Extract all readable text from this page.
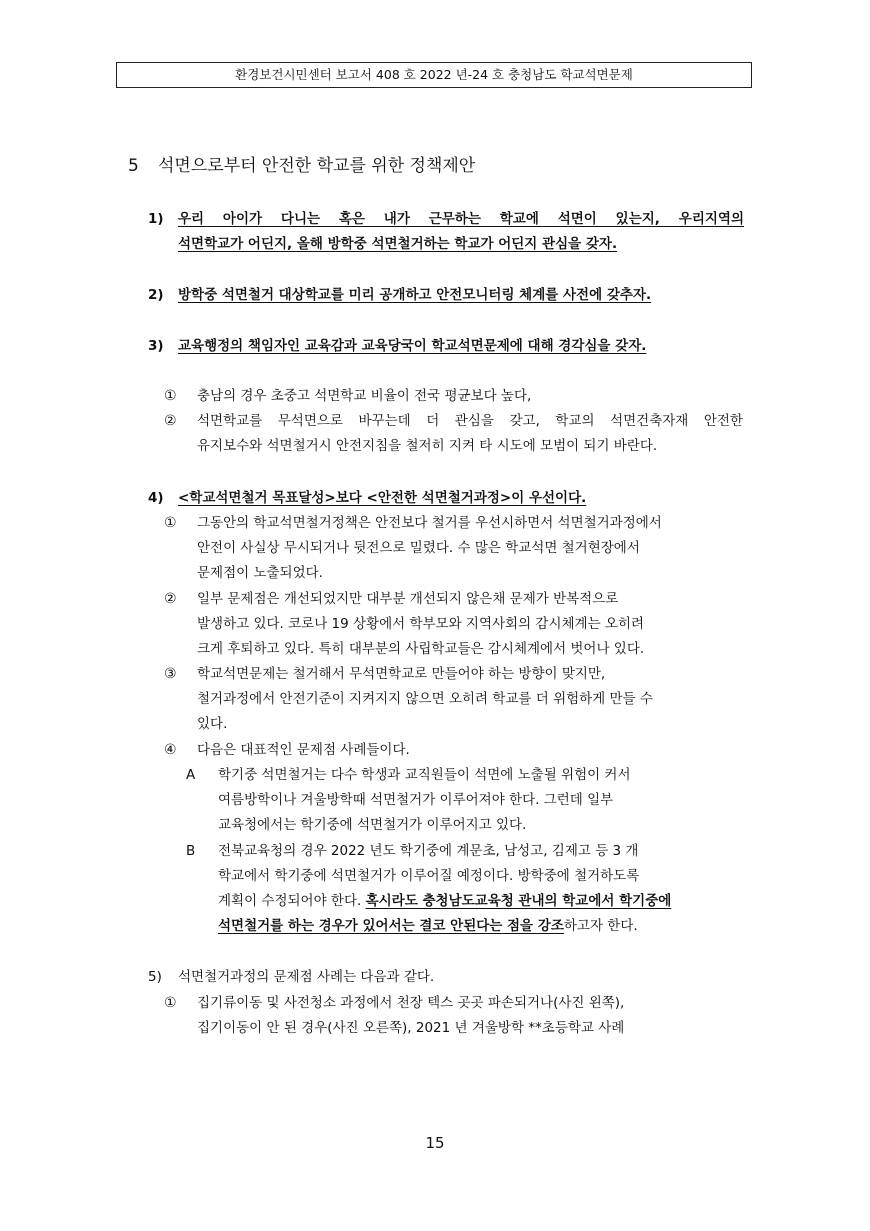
환경보건시민센터 보고서 408 호 2022 년-24 호 충청남도 학교석면문제
5 석면으로부터 안전한 학교를 위한 정책제안
1) 우리 아이가 다니는 혹은 내가 근무하는 학교에 석면이 있는지, 우리지역의
석면학교가 어딘지, 올해 방학중 석면철거하는 학교가 어딘지 관심을 갖자.
2) 방학중 석면철거 대상학교를 미리 공개하고 안전모니터링 체계를 사전에 갖추자.
3) 교육행정의 책임자인 교육감과 교육당국이 학교석면문제에 대해 경각심을 갖자.
① 충남의 경우 초중고 석면학교 비율이 전국 평균보다 높다,
② 석면학교를 무석면으로 바꾸는데 더 관심을 갖고, 학교의 석면건축자재 안전한
유지보수와 석면철거시 안전지침을 철저히 지켜 타 시도에 모범이 되기 바란다.
4) <학교석면철거 목표달성>보다 <안전한 석면철거과정>이 우선이다.
① 그동안의 학교석면철거정책은 안전보다 철거를 우선시하면서 석면철거과정에서
안전이 사실상 무시되거나 뒷전으로 밀렸다. 수 많은 학교석면 철거현장에서
문제점이 노출되었다.
② 일부 문제점은 개선되었지만 대부분 개선되지 않은채 문제가 반복적으로
발생하고 있다. 코로나 19 상황에서 학부모와 지역사회의 감시체계는 오히려
크게 후퇴하고 있다. 특히 대부분의 사립학교들은 감시체계에서 벗어나 있다.
③ 학교석면문제는 철거해서 무석면학교로 만들어야 하는 방향이 맞지만,
철거과정에서 안전기준이 지켜지지 않으면 오히려 학교를 더 위험하게 만들 수
있다.
④ 다음은 대표적인 문제점 사례들이다.
A 학기중 석면철거는 다수 학생과 교직원들이 석면에 노출될 위험이 커서
여름방학이나 겨울방학때 석면철거가 이루어져야 한다. 그런데 일부
교육청에서는 학기중에 석면철거가 이루어지고 있다.
B 전북교육청의 경우 2022 년도 학기중에 계문초, 남성고, 김제고 등 3 개
학교에서 학기중에 석면철거가 이루어질 예정이다. 방학중에 철거하도록
계획이 수정되어야 한다. 혹시라도 충청남도교육청 관내의 학교에서 학기중에
석면철거를 하는 경우가 있어서는 결코 안된다는 점을 강조하고자 한다.
5) 석면철거과정의 문제점 사례는 다음과 같다.
① 집기류이동 및 사전청소 과정에서 천장 텍스 곳곳 파손되거나(사진 왼쪽),
집기이동이 안 된 경우(사진 오른쪽), 2021 년 겨울방학 **초등학교 사례
15
